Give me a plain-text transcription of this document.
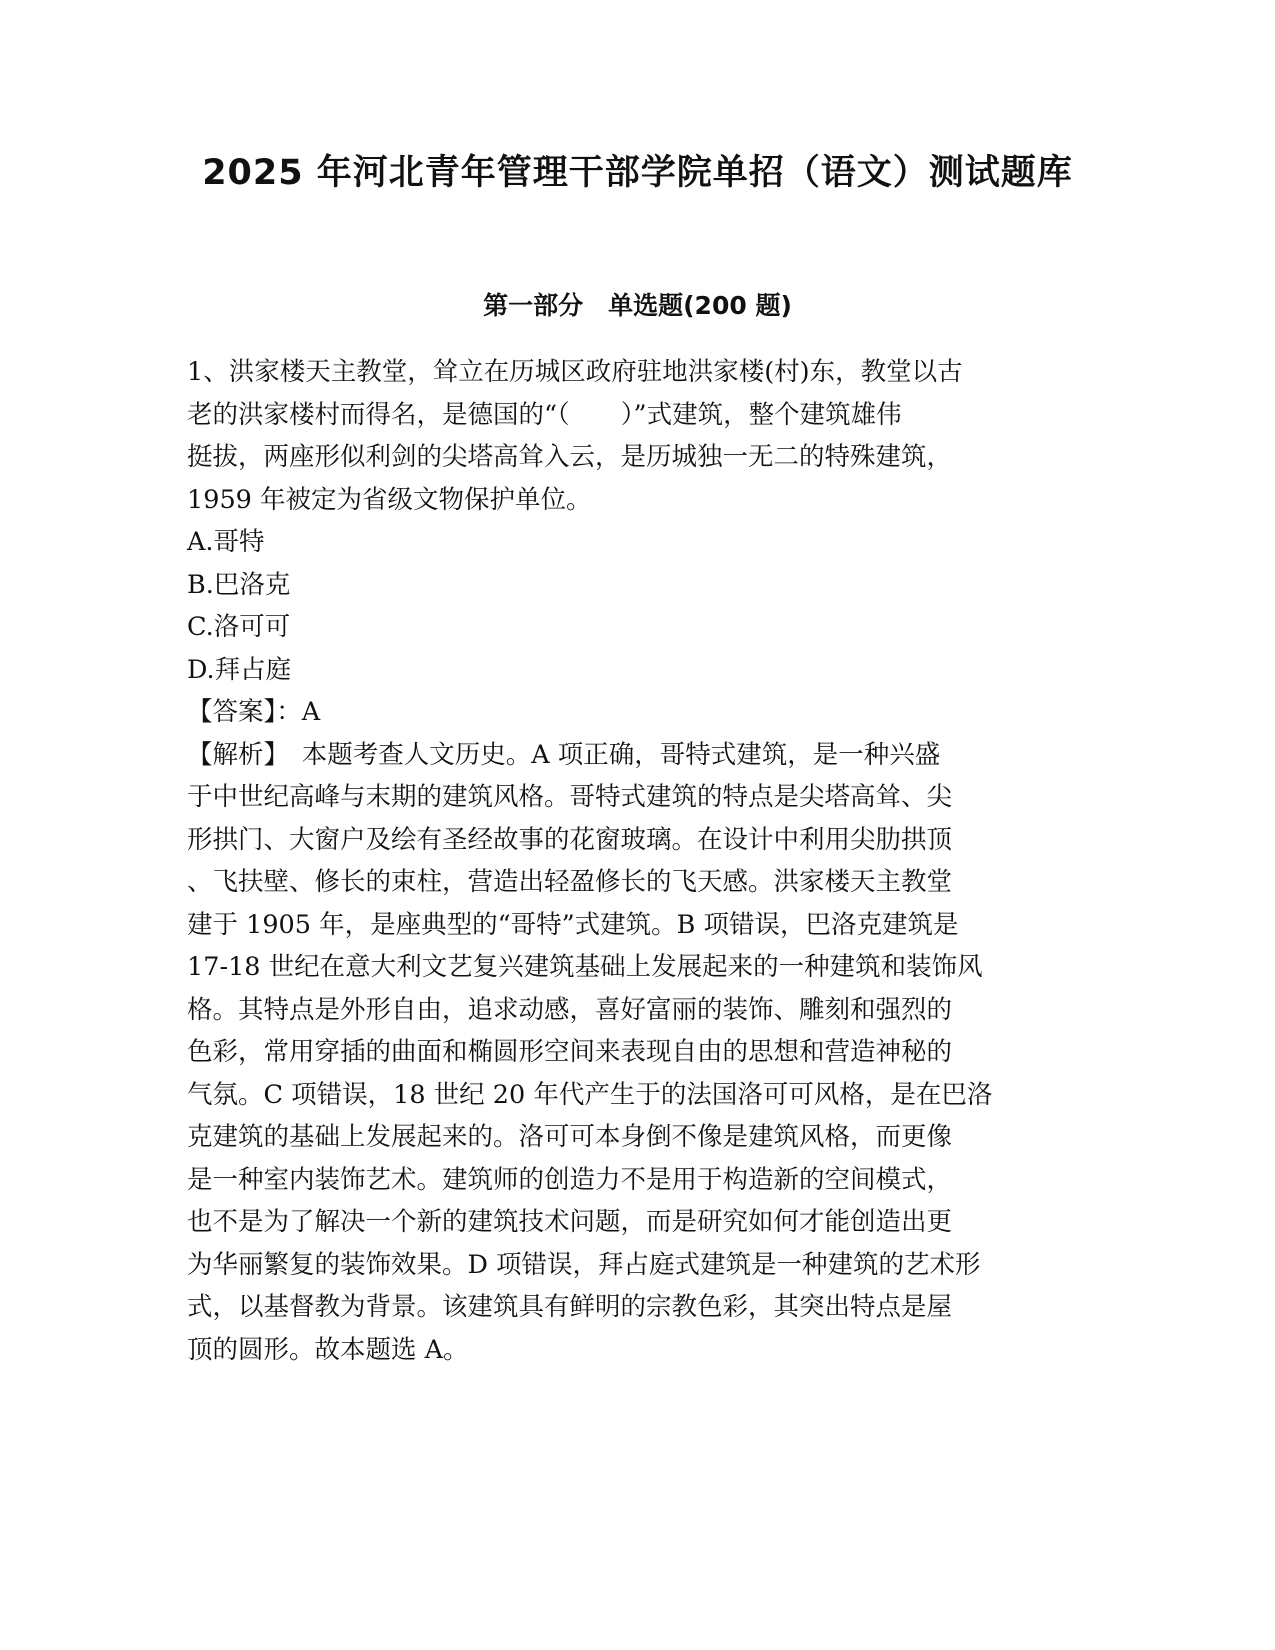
2025 年河北青年管理干部学院单招（语文）测试题库
第一部分　单选题(200 题)
1、洪家楼天主教堂，耸立在历城区政府驻地洪家楼(村)东，教堂以古
老的洪家楼村而得名，是德国的“（　　）”式建筑，整个建筑雄伟
挺拔，两座形似利剑的尖塔高耸入云，是历城独一无二的特殊建筑，
1959 年被定为省级文物保护单位。
A.哥特
B.巴洛克
C.洛可可
D.拜占庭
【答案】：A
【解析】　本题考查人文历史。A 项正确，哥特式建筑，是一种兴盛
于中世纪高峰与末期的建筑风格。哥特式建筑的特点是尖塔高耸、尖
形拱门、大窗户及绘有圣经故事的花窗玻璃。在设计中利用尖肋拱顶
、飞扶壁、修长的束柱，营造出轻盈修长的飞天感。洪家楼天主教堂
建于 1905 年，是座典型的“哥特”式建筑。B 项错误，巴洛克建筑是
17-18 世纪在意大利文艺复兴建筑基础上发展起来的一种建筑和装饰风
格。其特点是外形自由，追求动感，喜好富丽的装饰、雕刻和强烈的
色彩，常用穿插的曲面和椭圆形空间来表现自由的思想和营造神秘的
气氛。C 项错误，18 世纪 20 年代产生于的法国洛可可风格，是在巴洛
克建筑的基础上发展起来的。洛可可本身倒不像是建筑风格，而更像
是一种室内装饰艺术。建筑师的创造力不是用于构造新的空间模式，
也不是为了解决一个新的建筑技术问题，而是研究如何才能创造出更
为华丽繁复的装饰效果。D 项错误，拜占庭式建筑是一种建筑的艺术形
式，以基督教为背景。该建筑具有鲜明的宗教色彩，其突出特点是屋
顶的圆形。故本题选 A。
